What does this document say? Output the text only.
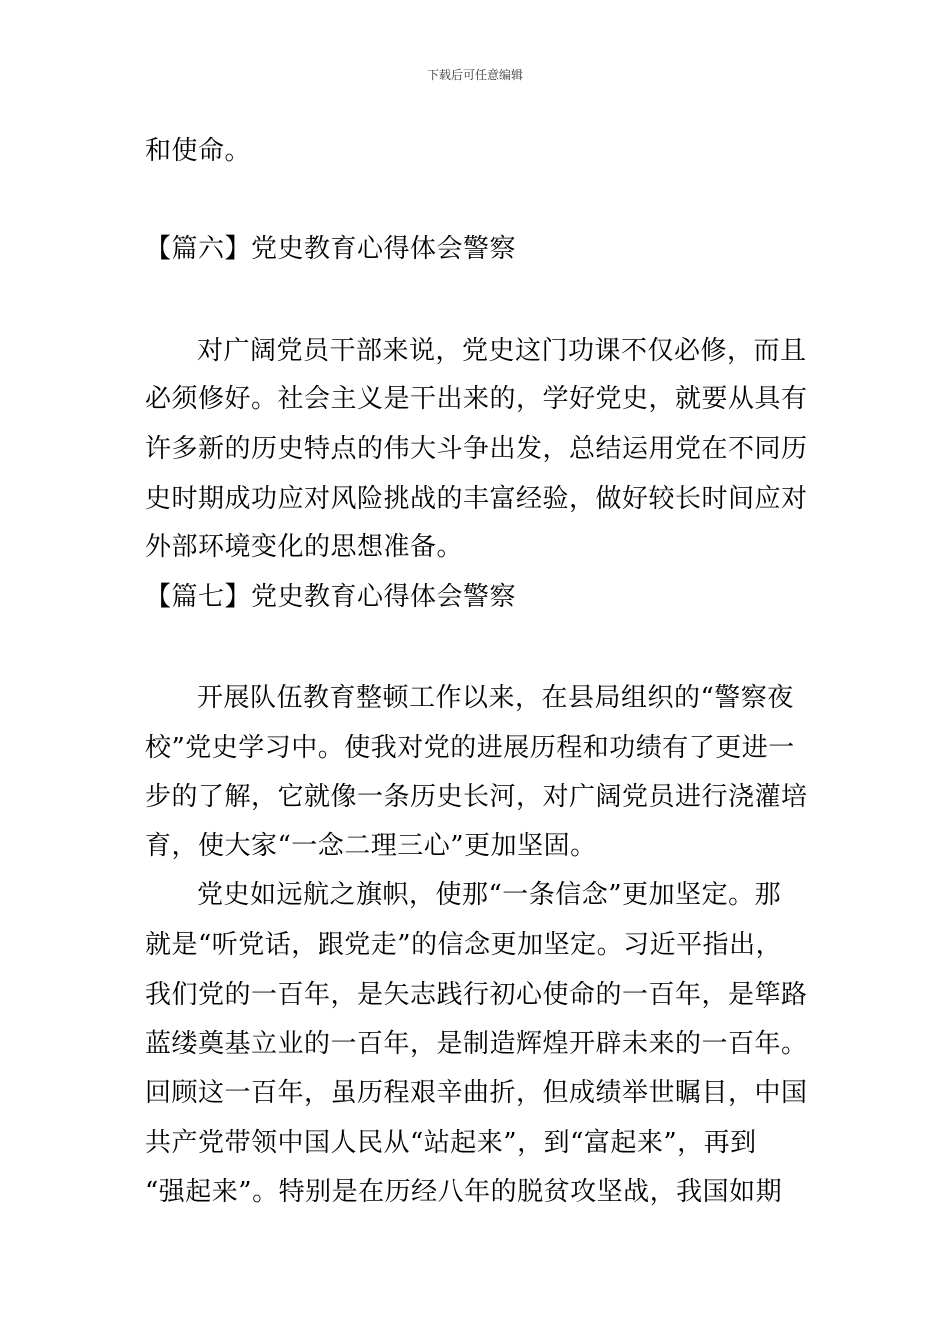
下载后可任意编辑
和使命。
【篇六】党史教育心得体会警察
对广阔党员干部来说，党史这门功课不仅必修，而且
必须修好。社会主义是干出来的，学好党史，就要从具有
许多新的历史特点的伟大斗争出发，总结运用党在不同历
史时期成功应对风险挑战的丰富经验，做好较长时间应对
外部环境变化的思想准备。
【篇七】党史教育心得体会警察
开展队伍教育整顿工作以来，在县局组织的“警察夜
校”党史学习中。使我对党的进展历程和功绩有了更进一
步的了解，它就像一条历史长河，对广阔党员进行浇灌培
育，使大家“一念二理三心”更加坚固。
党史如远航之旗帜，使那“一条信念”更加坚定。那
就是“听党话，跟党走”的信念更加坚定。习近平指出，
我们党的一百年，是矢志践行初心使命的一百年，是筚路
蓝缕奠基立业的一百年，是制造辉煌开辟未来的一百年。
回顾这一百年，虽历程艰辛曲折，但成绩举世瞩目，中国
共产党带领中国人民从“站起来”，到“富起来”，再到
“强起来”。特别是在历经八年的脱贫攻坚战，我国如期
